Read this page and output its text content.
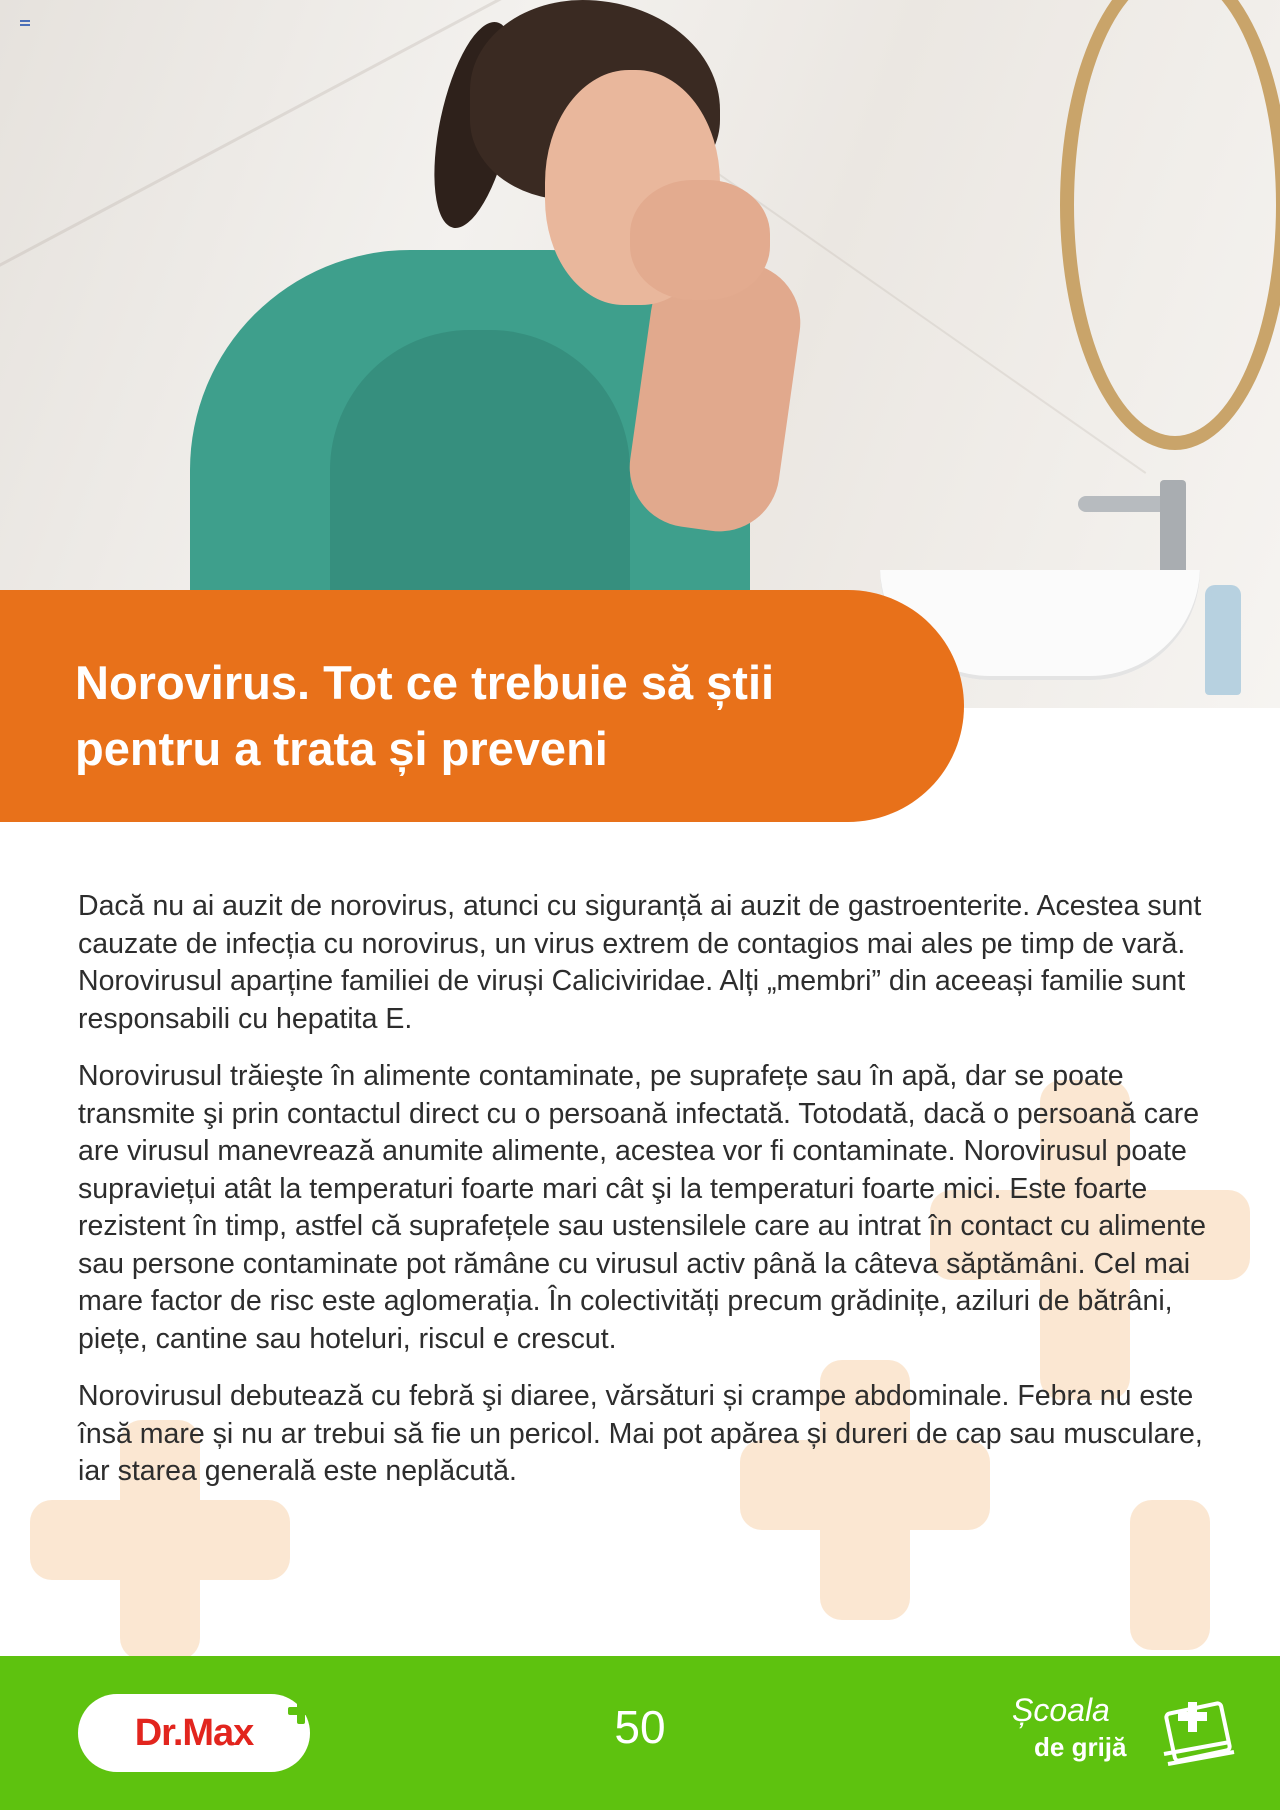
Norovirus. Tot ce trebuie să știi
pentru a trata și preveni

Dacă nu ai auzit de norovirus, atunci cu siguranță ai auzit de gastroenterite. Acestea sunt cauzate de infecția cu norovirus, un virus extrem de contagios mai ales pe timp de vară. Norovirusul aparține familiei de viruși Caliciviridae. Alți „membri” din aceeași familie sunt responsabili cu hepatita E.

Norovirusul trăieşte în alimente contaminate, pe suprafețe sau în apă, dar se poate transmite şi prin contactul direct cu o persoană infectată. Totodată, dacă o persoană care are virusul manevrează anumite alimente, acestea vor fi contaminate. Norovirusul poate supraviețui atât la temperaturi foarte mari cât şi la temperaturi foarte mici. Este foarte rezistent în timp, astfel că suprafețele sau ustensilele care au intrat în contact cu alimente sau persone contaminate pot rămâne cu virusul activ până la câteva săptămâni. Cel mai mare factor de risc este aglomerația. În colectivități precum grădinițe, aziluri de bătrâni, piețe, cantine sau hoteluri, riscul e crescut.

Norovirusul debutează cu febră şi diaree, vărsături și crampe abdominale. Febra nu este însă mare și nu ar trebui să fie un pericol. Mai pot apărea și dureri de cap sau musculare, iar starea generală este neplăcută.

Dr.Max	50	Școala
de grijă
